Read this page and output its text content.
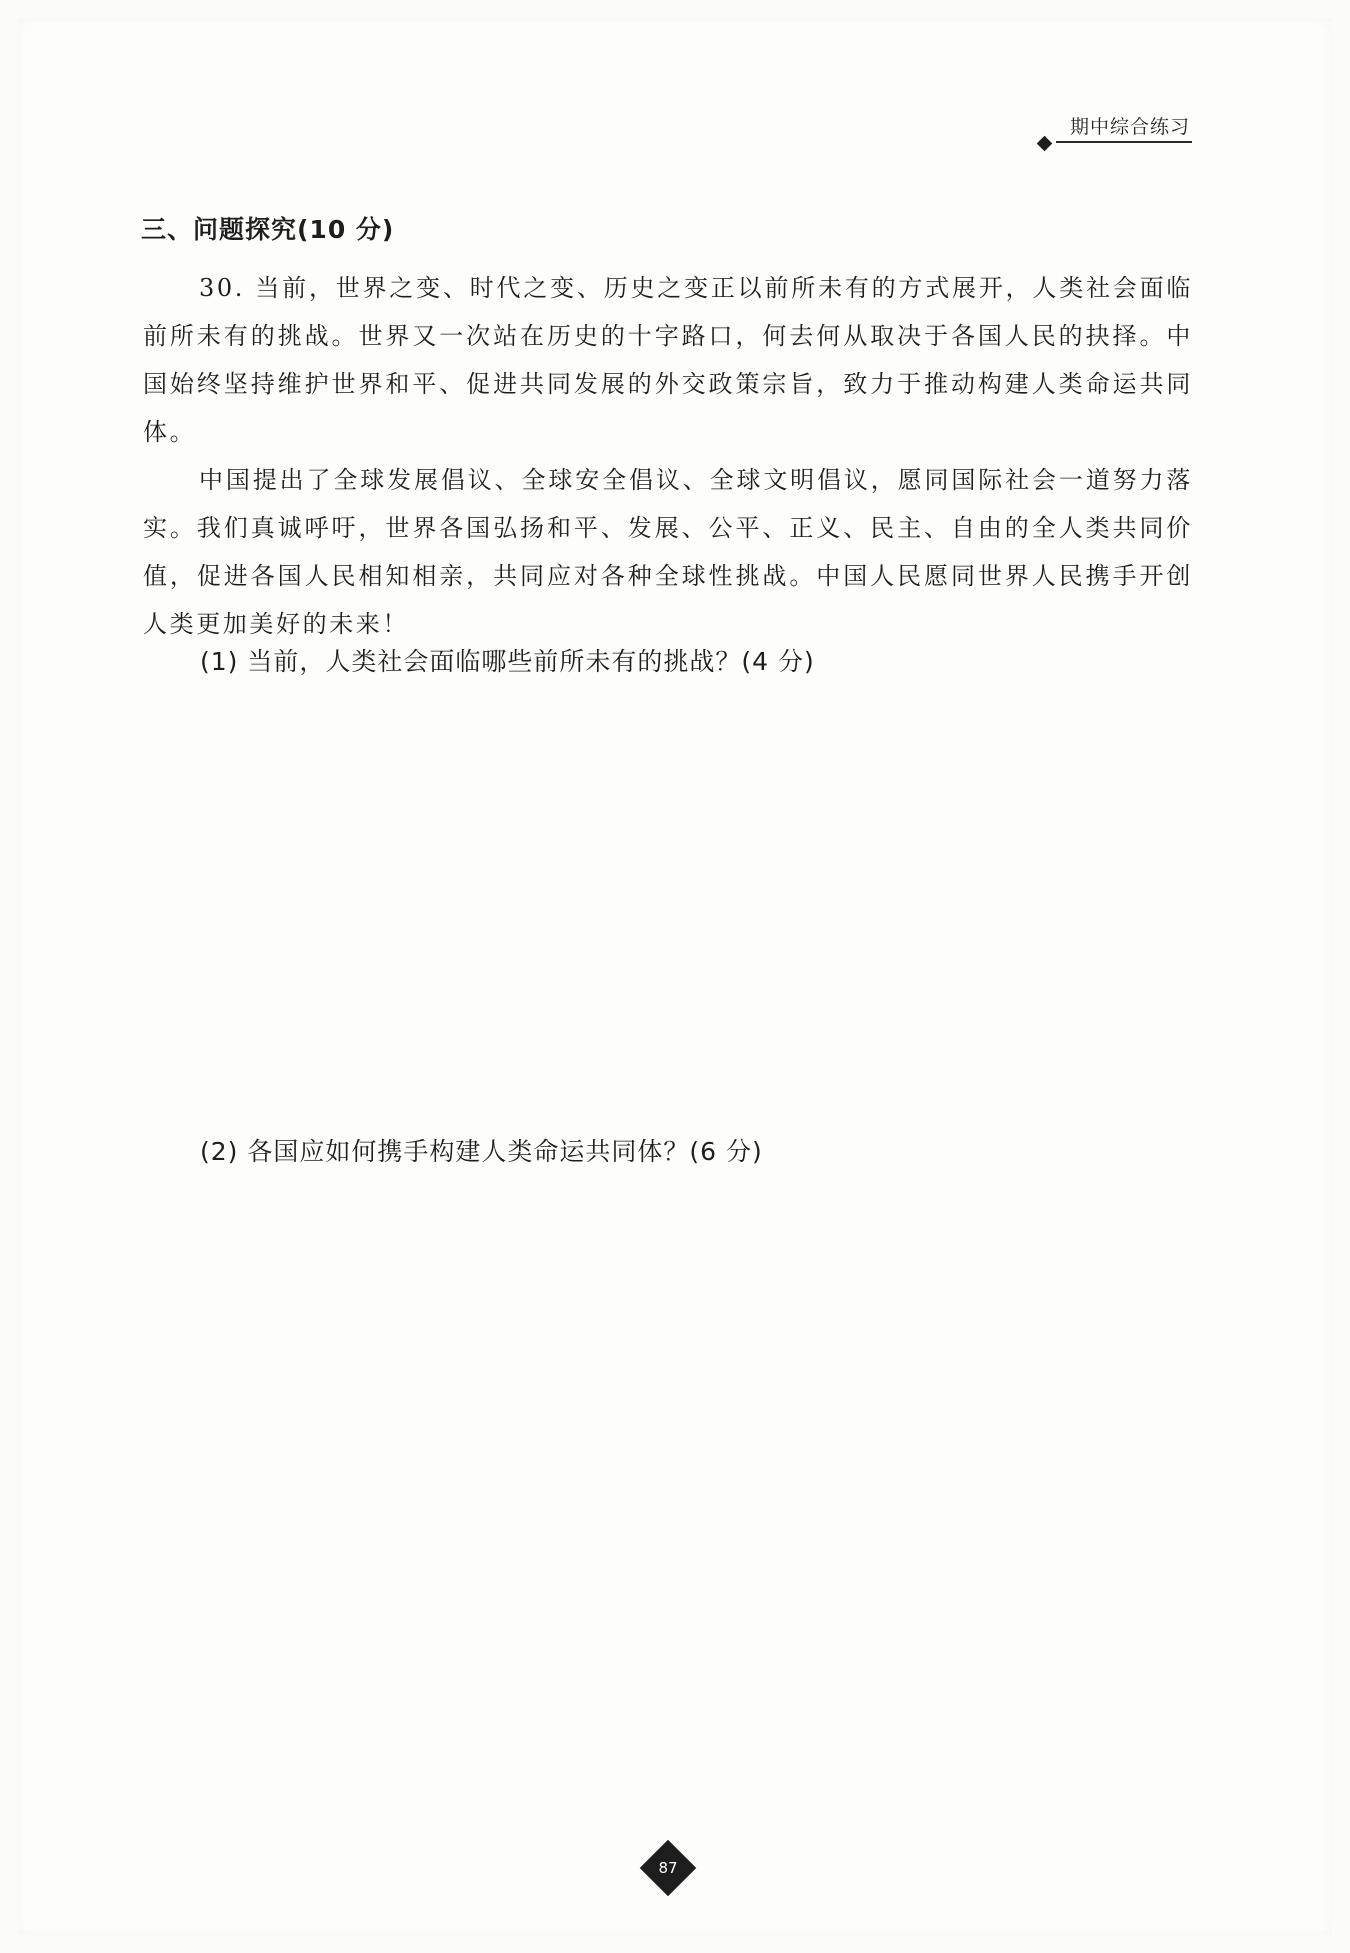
期中综合练习
三、问题探究(10 分)

30. 当前，世界之变、时代之变、历史之变正以前所未有的方式展开，人类社会面临前所未有的挑战。世界又一次站在历史的十字路口，何去何从取决于各国人民的抉择。中国始终坚持维护世界和平、促进共同发展的外交政策宗旨，致力于推动构建人类命运共同体。

中国提出了全球发展倡议、全球安全倡议、全球文明倡议，愿同国际社会一道努力落实。我们真诚呼吁，世界各国弘扬和平、发展、公平、正义、民主、自由的全人类共同价值，促进各国人民相知相亲，共同应对各种全球性挑战。中国人民愿同世界人民携手开创人类更加美好的未来！

(1) 当前，人类社会面临哪些前所未有的挑战？(4 分)
(2) 各国应如何携手构建人类命运共同体？(6 分)
87
